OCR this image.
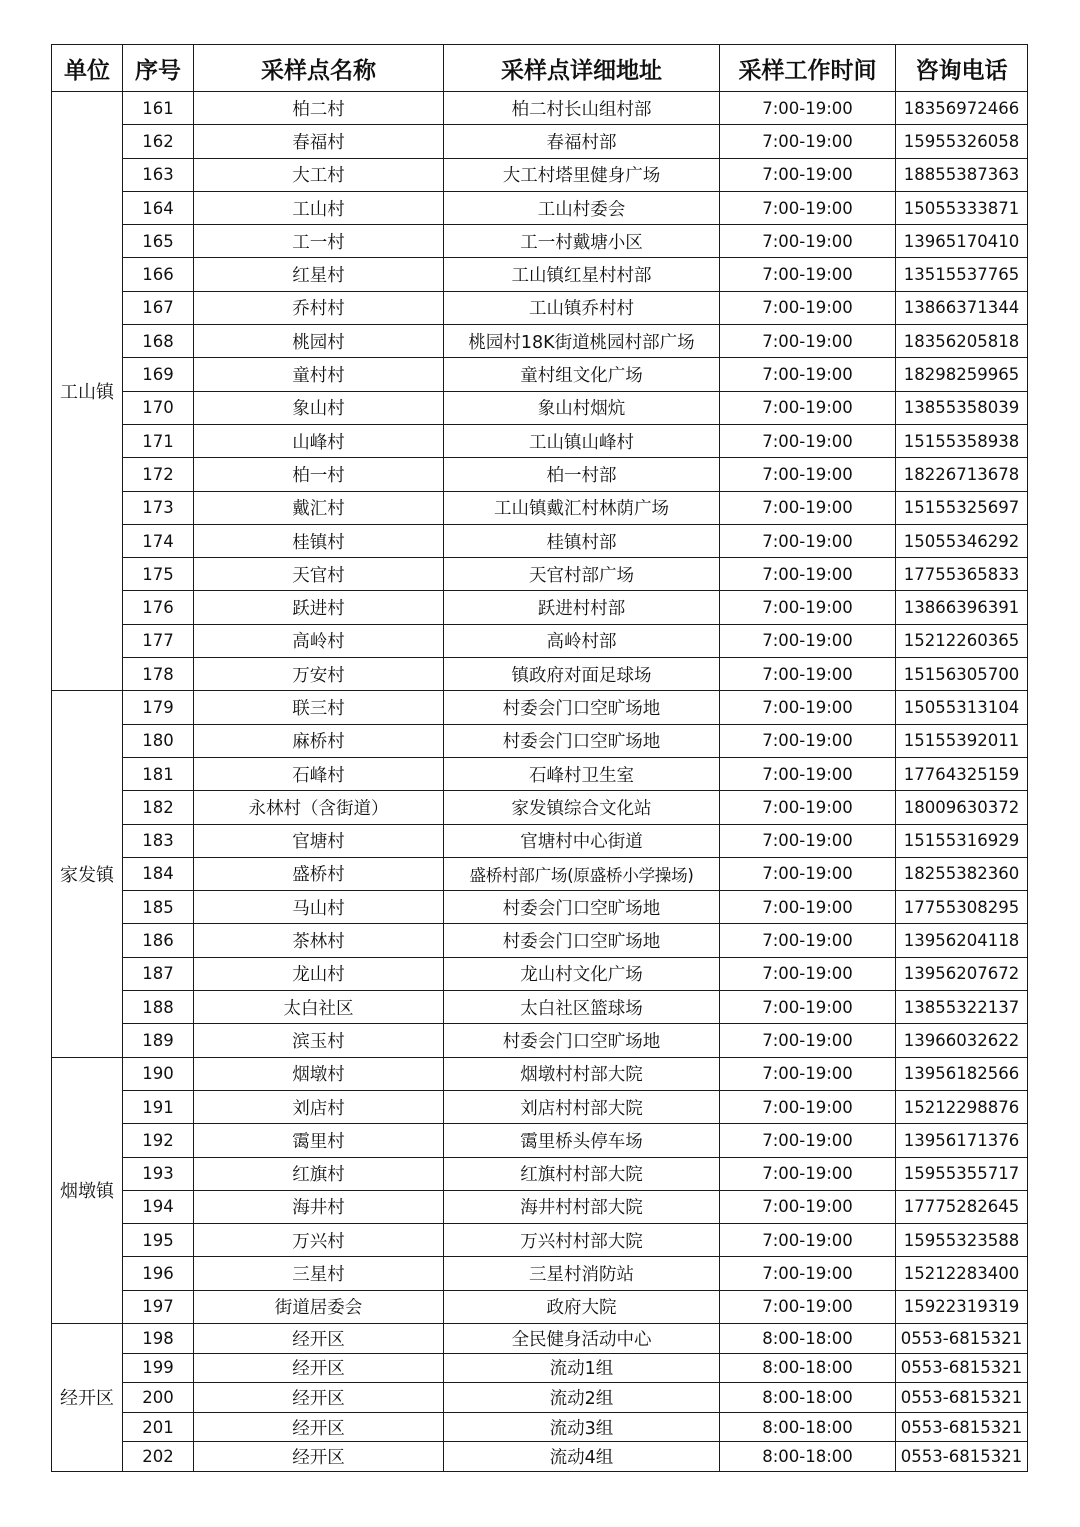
单位	序号	采样点名称	采样点详细地址	采样工作时间	咨询电话
工山镇	161	柏二村	柏二村长山组村部	7:00-19:00	18356972466
	162	春福村	春福村部	7:00-19:00	15955326058
	163	大工村	大工村塔里健身广场	7:00-19:00	18855387363
	164	工山村	工山村委会	7:00-19:00	15055333871
	165	工一村	工一村戴塘小区	7:00-19:00	13965170410
	166	红星村	工山镇红星村村部	7:00-19:00	13515537765
	167	乔村村	工山镇乔村村	7:00-19:00	13866371344
	168	桃园村	桃园村18K街道桃园村部广场	7:00-19:00	18356205818
	169	童村村	童村组文化广场	7:00-19:00	18298259965
	170	象山村	象山村烟炕	7:00-19:00	13855358039
	171	山峰村	工山镇山峰村	7:00-19:00	15155358938
	172	柏一村	柏一村部	7:00-19:00	18226713678
	173	戴汇村	工山镇戴汇村林荫广场	7:00-19:00	15155325697
	174	桂镇村	桂镇村部	7:00-19:00	15055346292
	175	天官村	天官村部广场	7:00-19:00	17755365833
	176	跃进村	跃进村村部	7:00-19:00	13866396391
	177	高岭村	高岭村部	7:00-19:00	15212260365
	178	万安村	镇政府对面足球场	7:00-19:00	15156305700
家发镇	179	联三村	村委会门口空旷场地	7:00-19:00	15055313104
	180	麻桥村	村委会门口空旷场地	7:00-19:00	15155392011
	181	石峰村	石峰村卫生室	7:00-19:00	17764325159
	182	永林村（含街道）	家发镇综合文化站	7:00-19:00	18009630372
	183	官塘村	官塘村中心街道	7:00-19:00	15155316929
	184	盛桥村	盛桥村部广场(原盛桥小学操场)	7:00-19:00	18255382360
	185	马山村	村委会门口空旷场地	7:00-19:00	17755308295
	186	茶林村	村委会门口空旷场地	7:00-19:00	13956204118
	187	龙山村	龙山村文化广场	7:00-19:00	13956207672
	188	太白社区	太白社区篮球场	7:00-19:00	13855322137
	189	滨玉村	村委会门口空旷场地	7:00-19:00	13966032622
烟墩镇	190	烟墩村	烟墩村村部大院	7:00-19:00	13956182566
	191	刘店村	刘店村村部大院	7:00-19:00	15212298876
	192	霭里村	霭里桥头停车场	7:00-19:00	13956171376
	193	红旗村	红旗村村部大院	7:00-19:00	15955355717
	194	海井村	海井村村部大院	7:00-19:00	17775282645
	195	万兴村	万兴村村部大院	7:00-19:00	15955323588
	196	三星村	三星村消防站	7:00-19:00	15212283400
	197	街道居委会	政府大院	7:00-19:00	15922319319
经开区	198	经开区	全民健身活动中心	8:00-18:00	0553-6815321
	199	经开区	流动1组	8:00-18:00	0553-6815321
	200	经开区	流动2组	8:00-18:00	0553-6815321
	201	经开区	流动3组	8:00-18:00	0553-6815321
	202	经开区	流动4组	8:00-18:00	0553-6815321
